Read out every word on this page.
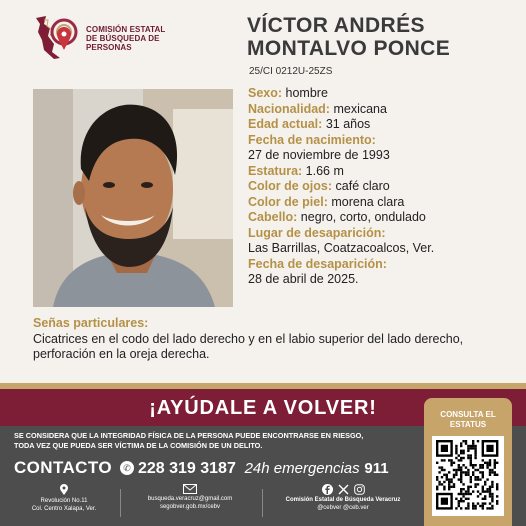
COMISIÓN ESTATAL
DE BÚSQUEDA DE
PERSONAS
VÍCTOR ANDRÉS
MONTALVO PONCE
25/CI 0212U-25ZS
Sexo: hombre
Nacionalidad: mexicana
Edad actual: 31 años
Fecha de nacimiento:
27 de noviembre de 1993
Estatura: 1.66 m
Color de ojos: café claro
Color de piel: morena clara
Cabello: negro, corto, ondulado
Lugar de desaparición:
Las Barrillas, Coatzacoalcos, Ver.
Fecha de desaparición:
28 de abril de 2025.
Señas particulares:
Cicatrices en el codo del lado derecho y en el labio superior del lado derecho, perforación en la oreja derecha.
¡AYÚDALE A VOLVER!
SE CONSIDERA QUE LA INTEGRIDAD FÍSICA DE LA PERSONA PUEDE ENCONTRARSE EN RIESGO,
TODA VEZ QUE PUEDA SER VÍCTIMA DE LA COMISIÓN DE UN DELITO.
CONTACTO ✆ 228 319 3187 24h emergencias 911
Revolución No.11
Col. Centro Xalapa, Ver.
busqueda.veracruz@gmail.com
segobver.gob.mx/cebv
Comisión Estatal de Búsqueda Veracruz
@cebver @ceb.ver
CONSULTA EL
ESTATUS
